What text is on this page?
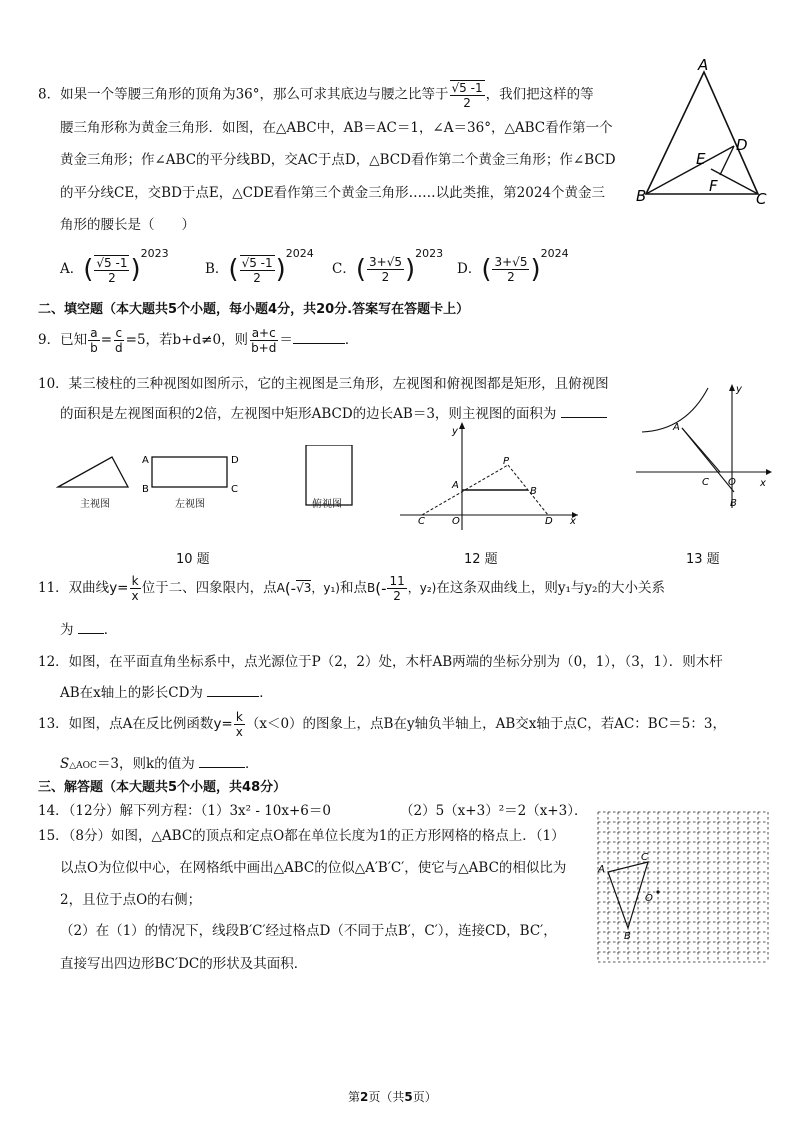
8．如果一个等腰三角形的顶角为36°，那么可求其底边与腰之比等于 $\frac{√5 -1}{2}$ ，我们把这样的等
腰三角形称为黄金三角形．如图，在△ABC中，AB＝AC＝1，∠A＝36°，△ABC看作第一个
黄金三角形；作∠ABC的平分线BD，交AC于点D，△BCD看作第二个黄金三角形；作∠BCD
的平分线CE，交BD于点E，△CDE看作第三个黄金三角形……以此类推，第2024个黄金三
角形的腰长是（　　）
A
B	C
D
E
F
A．( $\frac{√5 -1}{2} )^{2023}$
B．( $\frac{√5 -1}{2} )^{2024}$
C．( $\frac{3+√5}{2} )^{2023}$
D．( $\frac{3+√5}{2} )^{2024}$
二、填空题（本大题共5个小题，每小题4分，共20分.答案写在答题卡上）
9．已知 $\frac{a}{b} = \frac{c}{d} =5$，若b+d≠0，则 $\frac{a+c}{b+d}$ ＝	．
10．某三棱柱的三种视图如图所示，它的主视图是三角形，左视图和俯视图都是矩形，且俯视图
的面积是左视图面积的2倍，左视图中矩形ABCD的边长AB＝3，则主视图的面积为
A
B	C
D
主视图	左视图	俯视图
y
P
A
B
C	O	D x
y
A
C O x
B
10 题	12 题	13 题
11．双曲线$y= \frac{k}{x}$ 位于二、四象限内，点A(-√3，y₁)和点$B(- \frac{11}{2}$ ，y₂)在这条双曲线上，则y₁与y₂的大小关系
为 ．
12．如图，在平面直角坐标系中，点光源位于P（2，2）处，木杆AB两端的坐标分别为（0，1），（3，1）．则木杆
AB在x轴上的影长CD为	．
13．如图，点A在反比例函数$y= \frac{k}{x} (x<0)$的图象上，点B在y轴负半轴上，AB交x轴于点C，若AC：BC＝5：3，
S△AOC＝3，则k的值为	．
三、解答题（本大题共5个小题，共48分）
14．（12分）解下列方程：（1）3x² - 10x+6＝0	（2）5（x+3）²＝2（x+3）．
15．（8分）如图，△ABC的顶点和定点O都在单位长度为1的正方形网格的格点上．（1）
以点O为位似中心，在网格纸中画出△ABC的位似△A′B′C′，使它与△ABC的相似比为
2，且位于点O的右侧；
（2）在（1）的情况下，线段B′C′经过格点D（不同于点B′，C′），连接CD，BC′，
直接写出四边形BC′DC的形状及其面积．
A
C
O
B
第2页（共5页）
